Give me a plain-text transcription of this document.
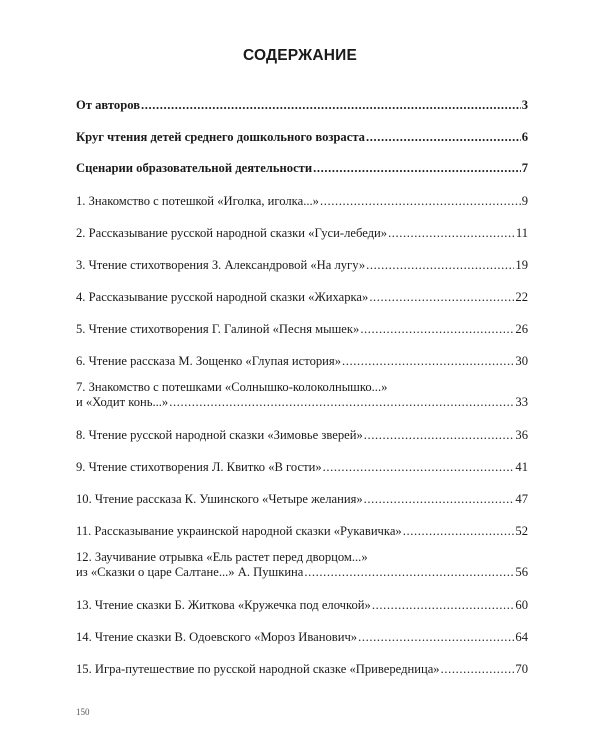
СОДЕРЖАНИЕ
От авторов .....	3
Круг чтения детей среднего дошкольного возраста .....	6
Сценарии образовательной деятельности .....	7
1. Знакомство с потешкой «Иголка, иголка...» .....	9
2. Рассказывание русской народной сказки «Гуси-лебеди» .....	11
3. Чтение стихотворения З. Александровой «На лугу» .....	19
4. Рассказывание русской народной сказки «Жихарка» .....	22
5. Чтение стихотворения Г. Галиной «Песня мышек» .....	26
6. Чтение рассказа М. Зощенко «Глупая история» .....	30
7. Знакомство с потешками «Солнышко-колоколнышко...»
и «Ходит конь...» .....	33
8. Чтение русской народной сказки «Зимовье зверей» .....	36
9. Чтение стихотворения Л. Квитко «В гости» .....	41
10. Чтение рассказа К. Ушинского «Четыре желания» .....	47
11. Рассказывание украинской народной сказки «Рукавичка» .....	52
12. Заучивание отрывка «Ель растет перед дворцом...»
из «Сказки о царе Салтане...» А. Пушкина .....	56
13. Чтение сказки Б. Житкова «Кружечка под елочкой» .....	60
14. Чтение сказки В. Одоевского «Мороз Иванович» .....	64
15. Игра-путешествие по русской народной сказке «Привередница» .....	70
150
